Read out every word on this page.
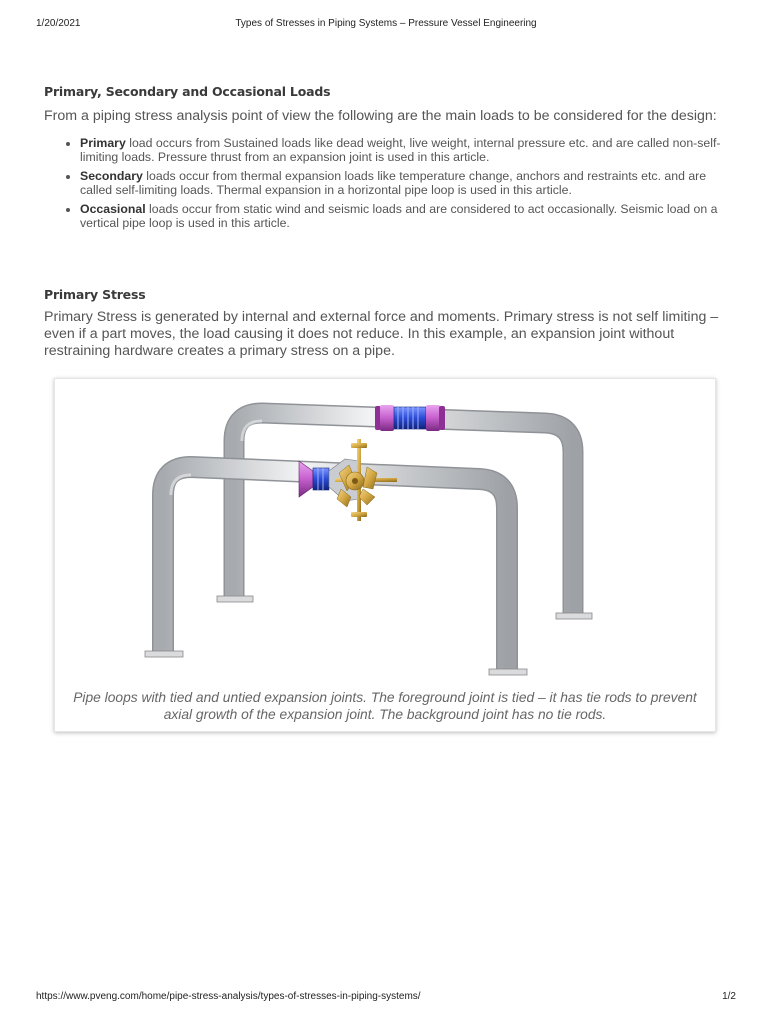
1/20/2021	Types of Stresses in Piping Systems – Pressure Vessel Engineering
Primary, Secondary and Occasional Loads

From a piping stress analysis point of view the following are the main loads to be considered for the design:

• Primary load occurs from Sustained loads like dead weight, live weight, internal pressure etc. and are called non-self-limiting loads. Pressure thrust from an expansion joint is used in this article.
• Secondary loads occur from thermal expansion loads like temperature change, anchors and restraints etc. and are called self-limiting loads. Thermal expansion in a horizontal pipe loop is used in this article.
• Occasional loads occur from static wind and seismic loads and are considered to act occasionally. Seismic load on a vertical pipe loop is used in this article.
Primary Stress

Primary Stress is generated by internal and external force and moments. Primary stress is not self limiting – even if a part moves, the load causing it does not reduce. In this example, an expansion joint without restraining hardware creates a primary stress on a pipe.

Pipe loops with tied and untied expansion joints. The foreground joint is tied – it has tie rods to prevent axial growth of the expansion joint. The background joint has no tie rods.
https://www.pveng.com/home/pipe-stress-analysis/types-of-stresses-in-piping-systems/	1/2
